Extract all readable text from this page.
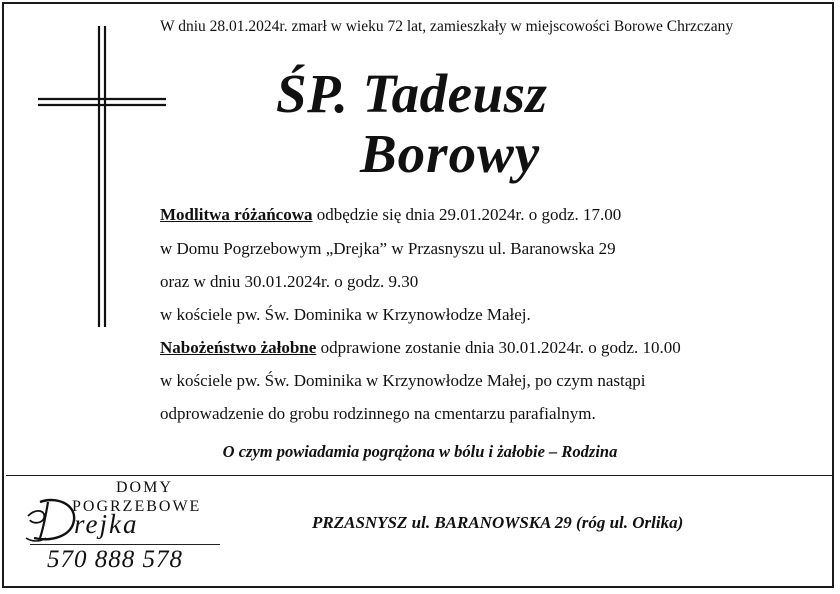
W dniu 28.01.2024r. zmarł w wieku 72 lat, zamieszkały w miejscowości Borowe Chrzczany
ŚP. Tadeusz
Borowy
Modlitwa różańcowa odbędzie się dnia 29.01.2024r. o godz. 17.00
w Domu Pogrzebowym „Drejka” w Przasnyszu ul. Baranowska 29
oraz w dniu 30.01.2024r. o godz. 9.30
w kościele pw. Św. Dominika w Krzynowłodze Małej.
Nabożeństwo żałobne odprawione zostanie dnia 30.01.2024r. o godz. 10.00
w kościele pw. Św. Dominika w Krzynowłodze Małej, po czym nastąpi
odprowadzenie do grobu rodzinnego na cmentarzu parafialnym.
O czym powiadamia pogrążona w bólu i żałobie – Rodzina
DOMY
POGRZEBOWE
rejka
570 888 578
PRZASNYSZ ul. BARANOWSKA 29 (róg ul. Orlika)
